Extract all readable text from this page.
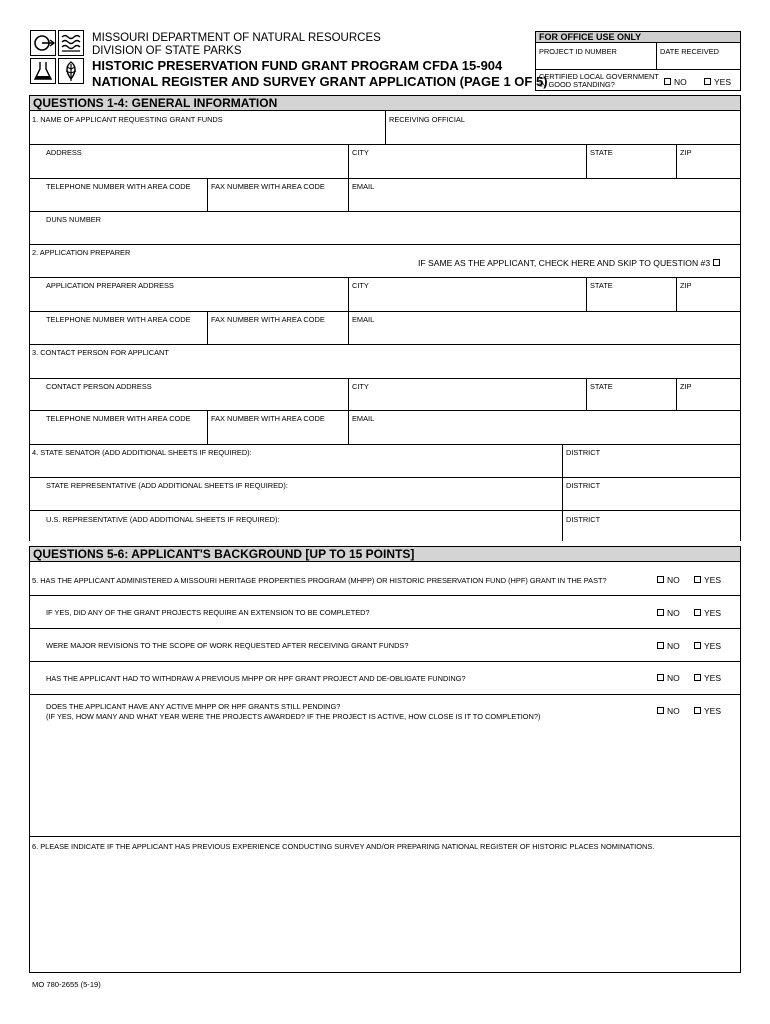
MISSOURI DEPARTMENT OF NATURAL RESOURCES
DIVISION OF STATE PARKS
HISTORIC PRESERVATION FUND GRANT PROGRAM CFDA 15-904
NATIONAL REGISTER AND SURVEY GRANT APPLICATION (PAGE 1 OF 5)
FOR OFFICE USE ONLY
PROJECT ID NUMBER	DATE RECEIVED
CERTIFIED LOCAL GOVERNMENT IN GOOD STANDING?	NO	YES
QUESTIONS 1-4: GENERAL INFORMATION
1. NAME OF APPLICANT REQUESTING GRANT FUNDS	RECEIVING OFFICIAL
ADDRESS	CITY	STATE	ZIP
TELEPHONE NUMBER WITH AREA CODE	FAX NUMBER WITH AREA CODE	EMAIL
DUNS NUMBER
2. APPLICATION PREPARER
IF SAME AS THE APPLICANT, CHECK HERE AND SKIP TO QUESTION #3
APPLICATION PREPARER ADDRESS	CITY	STATE	ZIP
TELEPHONE NUMBER WITH AREA CODE	FAX NUMBER WITH AREA CODE	EMAIL
3. CONTACT PERSON FOR APPLICANT
CONTACT PERSON ADDRESS	CITY	STATE	ZIP
TELEPHONE NUMBER WITH AREA CODE	FAX NUMBER WITH AREA CODE	EMAIL
4. STATE SENATOR (ADD ADDITIONAL SHEETS IF REQUIRED):	DISTRICT
STATE REPRESENTATIVE (ADD ADDITIONAL SHEETS IF REQUIRED):	DISTRICT
U.S. REPRESENTATIVE (ADD ADDITIONAL SHEETS IF REQUIRED):	DISTRICT
QUESTIONS 5-6: APPLICANT'S BACKGROUND [UP TO 15 POINTS]
5. HAS THE APPLICANT ADMINISTERED A MISSOURI HERITAGE PROPERTIES PROGRAM (MHPP) OR HISTORIC PRESERVATION FUND (HPF) GRANT IN THE PAST?	NO	YES
IF YES, DID ANY OF THE GRANT PROJECTS REQUIRE AN EXTENSION TO BE COMPLETED?	NO	YES
WERE MAJOR REVISIONS TO THE SCOPE OF WORK REQUESTED AFTER RECEIVING GRANT FUNDS?	NO	YES
HAS THE APPLICANT HAD TO WITHDRAW A PREVIOUS MHPP OR HPF GRANT PROJECT AND DE-OBLIGATE FUNDING?	NO	YES
DOES THE APPLICANT HAVE ANY ACTIVE MHPP OR HPF GRANTS STILL PENDING?
(IF YES, HOW MANY AND WHAT YEAR WERE THE PROJECTS AWARDED? IF THE PROJECT IS ACTIVE, HOW CLOSE IS IT TO COMPLETION?)
NO	YES
6. PLEASE INDICATE IF THE APPLICANT HAS PREVIOUS EXPERIENCE CONDUCTING SURVEY AND/OR PREPARING NATIONAL REGISTER OF HISTORIC PLACES NOMINATIONS.
MO 780-2655 (5-19)
